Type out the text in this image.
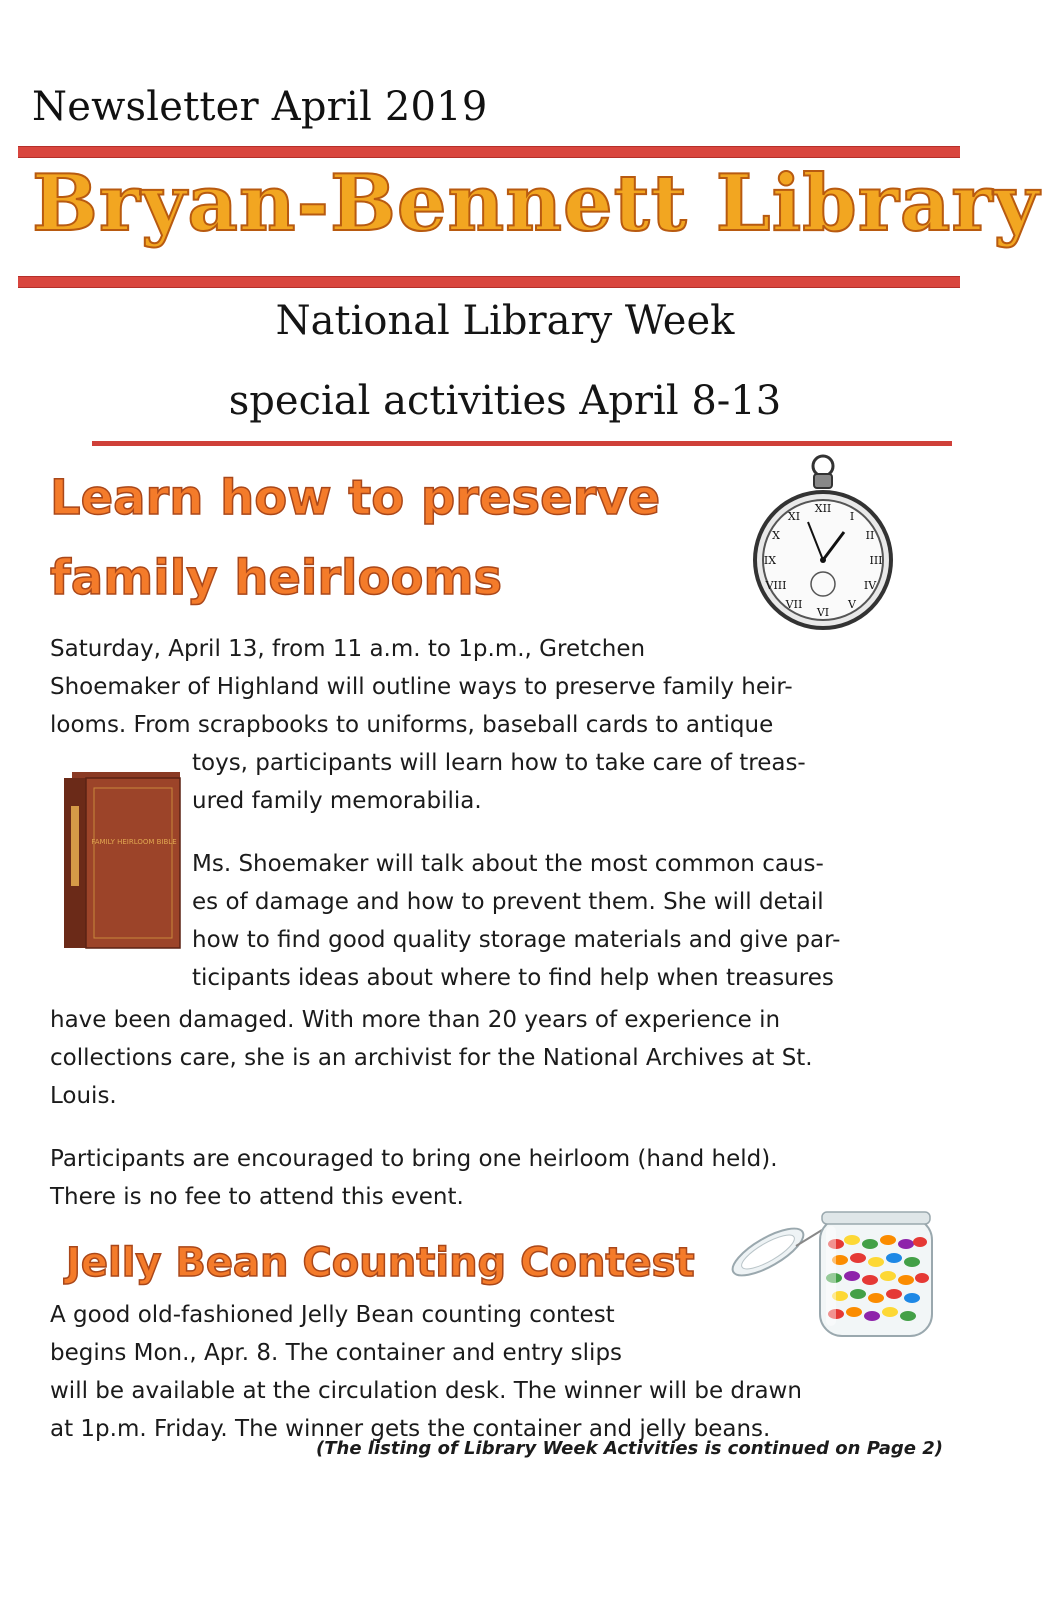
Newsletter April 2019
Bryan-Bennett Library
National Library Week
special activities April 8-13
Learn how to preserve
family heirlooms
XII
I
II
III
IV
V
VI
VII
VIII
IX
X
XI
Saturday, April 13, from 11 a.m. to 1p.m., Gretchen
Shoemaker of Highland will outline ways to preserve family heir-
looms. From scrapbooks to uniforms, baseball cards to antique
toys, participants will learn how to take care of treas-
ured family memorabilia.
FAMILY HEIRLOOM BIBLE
Ms. Shoemaker will talk about the most common caus-
es of damage and how to prevent them. She will detail
how to find good quality storage materials and give par-
ticipants ideas about where to find help when treasures
have been damaged. With more than 20 years of experience in
collections care, she is an archivist for the National Archives at St.
Louis.
Participants are encouraged to bring one heirloom (hand held).
There is no fee to attend this event.
Jelly Bean Counting Contest
A good old-fashioned Jelly Bean counting contest
begins Mon., Apr. 8. The container and entry slips
will be available at the circulation desk. The winner will be drawn
at 1p.m. Friday. The winner gets the container and jelly beans.
(The listing of Library Week Activities is continued on Page 2)
